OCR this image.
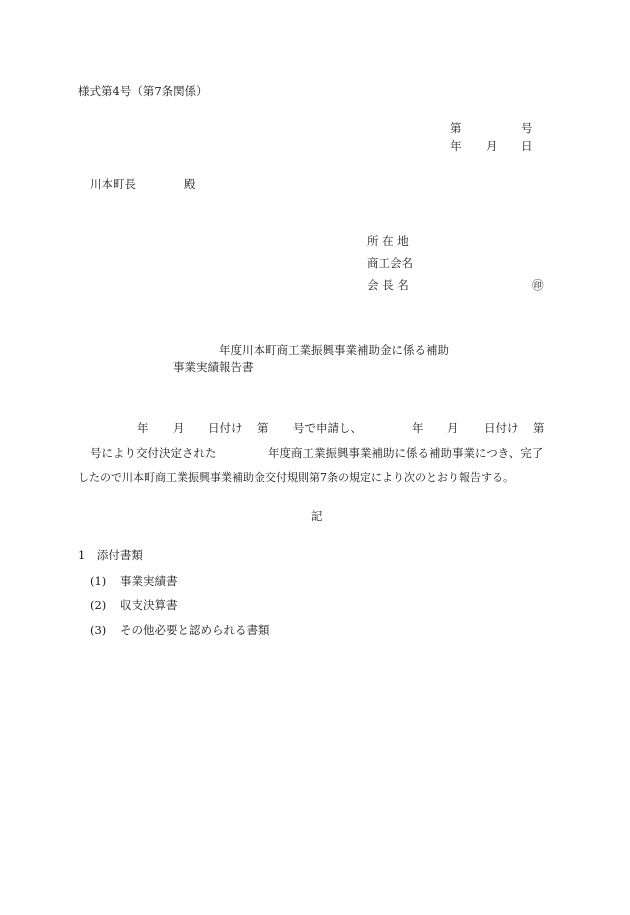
様式第4号（第7条関係）
第	号
年 月 日
川本町長	殿
所 在 地
商工会名
会 長 名	㊞
年度川本町商工業振興事業補助金に係る補助
事業実績報告書
年 月 日付け 第 号で申請し、	年 月 日付け 第
号により交付決定された	年度商工業振興事業補助に係る補助事業につき、完了
したので川本町商工業振興事業補助金交付規則第7条の規定により次のとおり報告する。
記
1　添付書類
(1) 事業実績書
(2) 収支決算書
(3) その他必要と認められる書類
